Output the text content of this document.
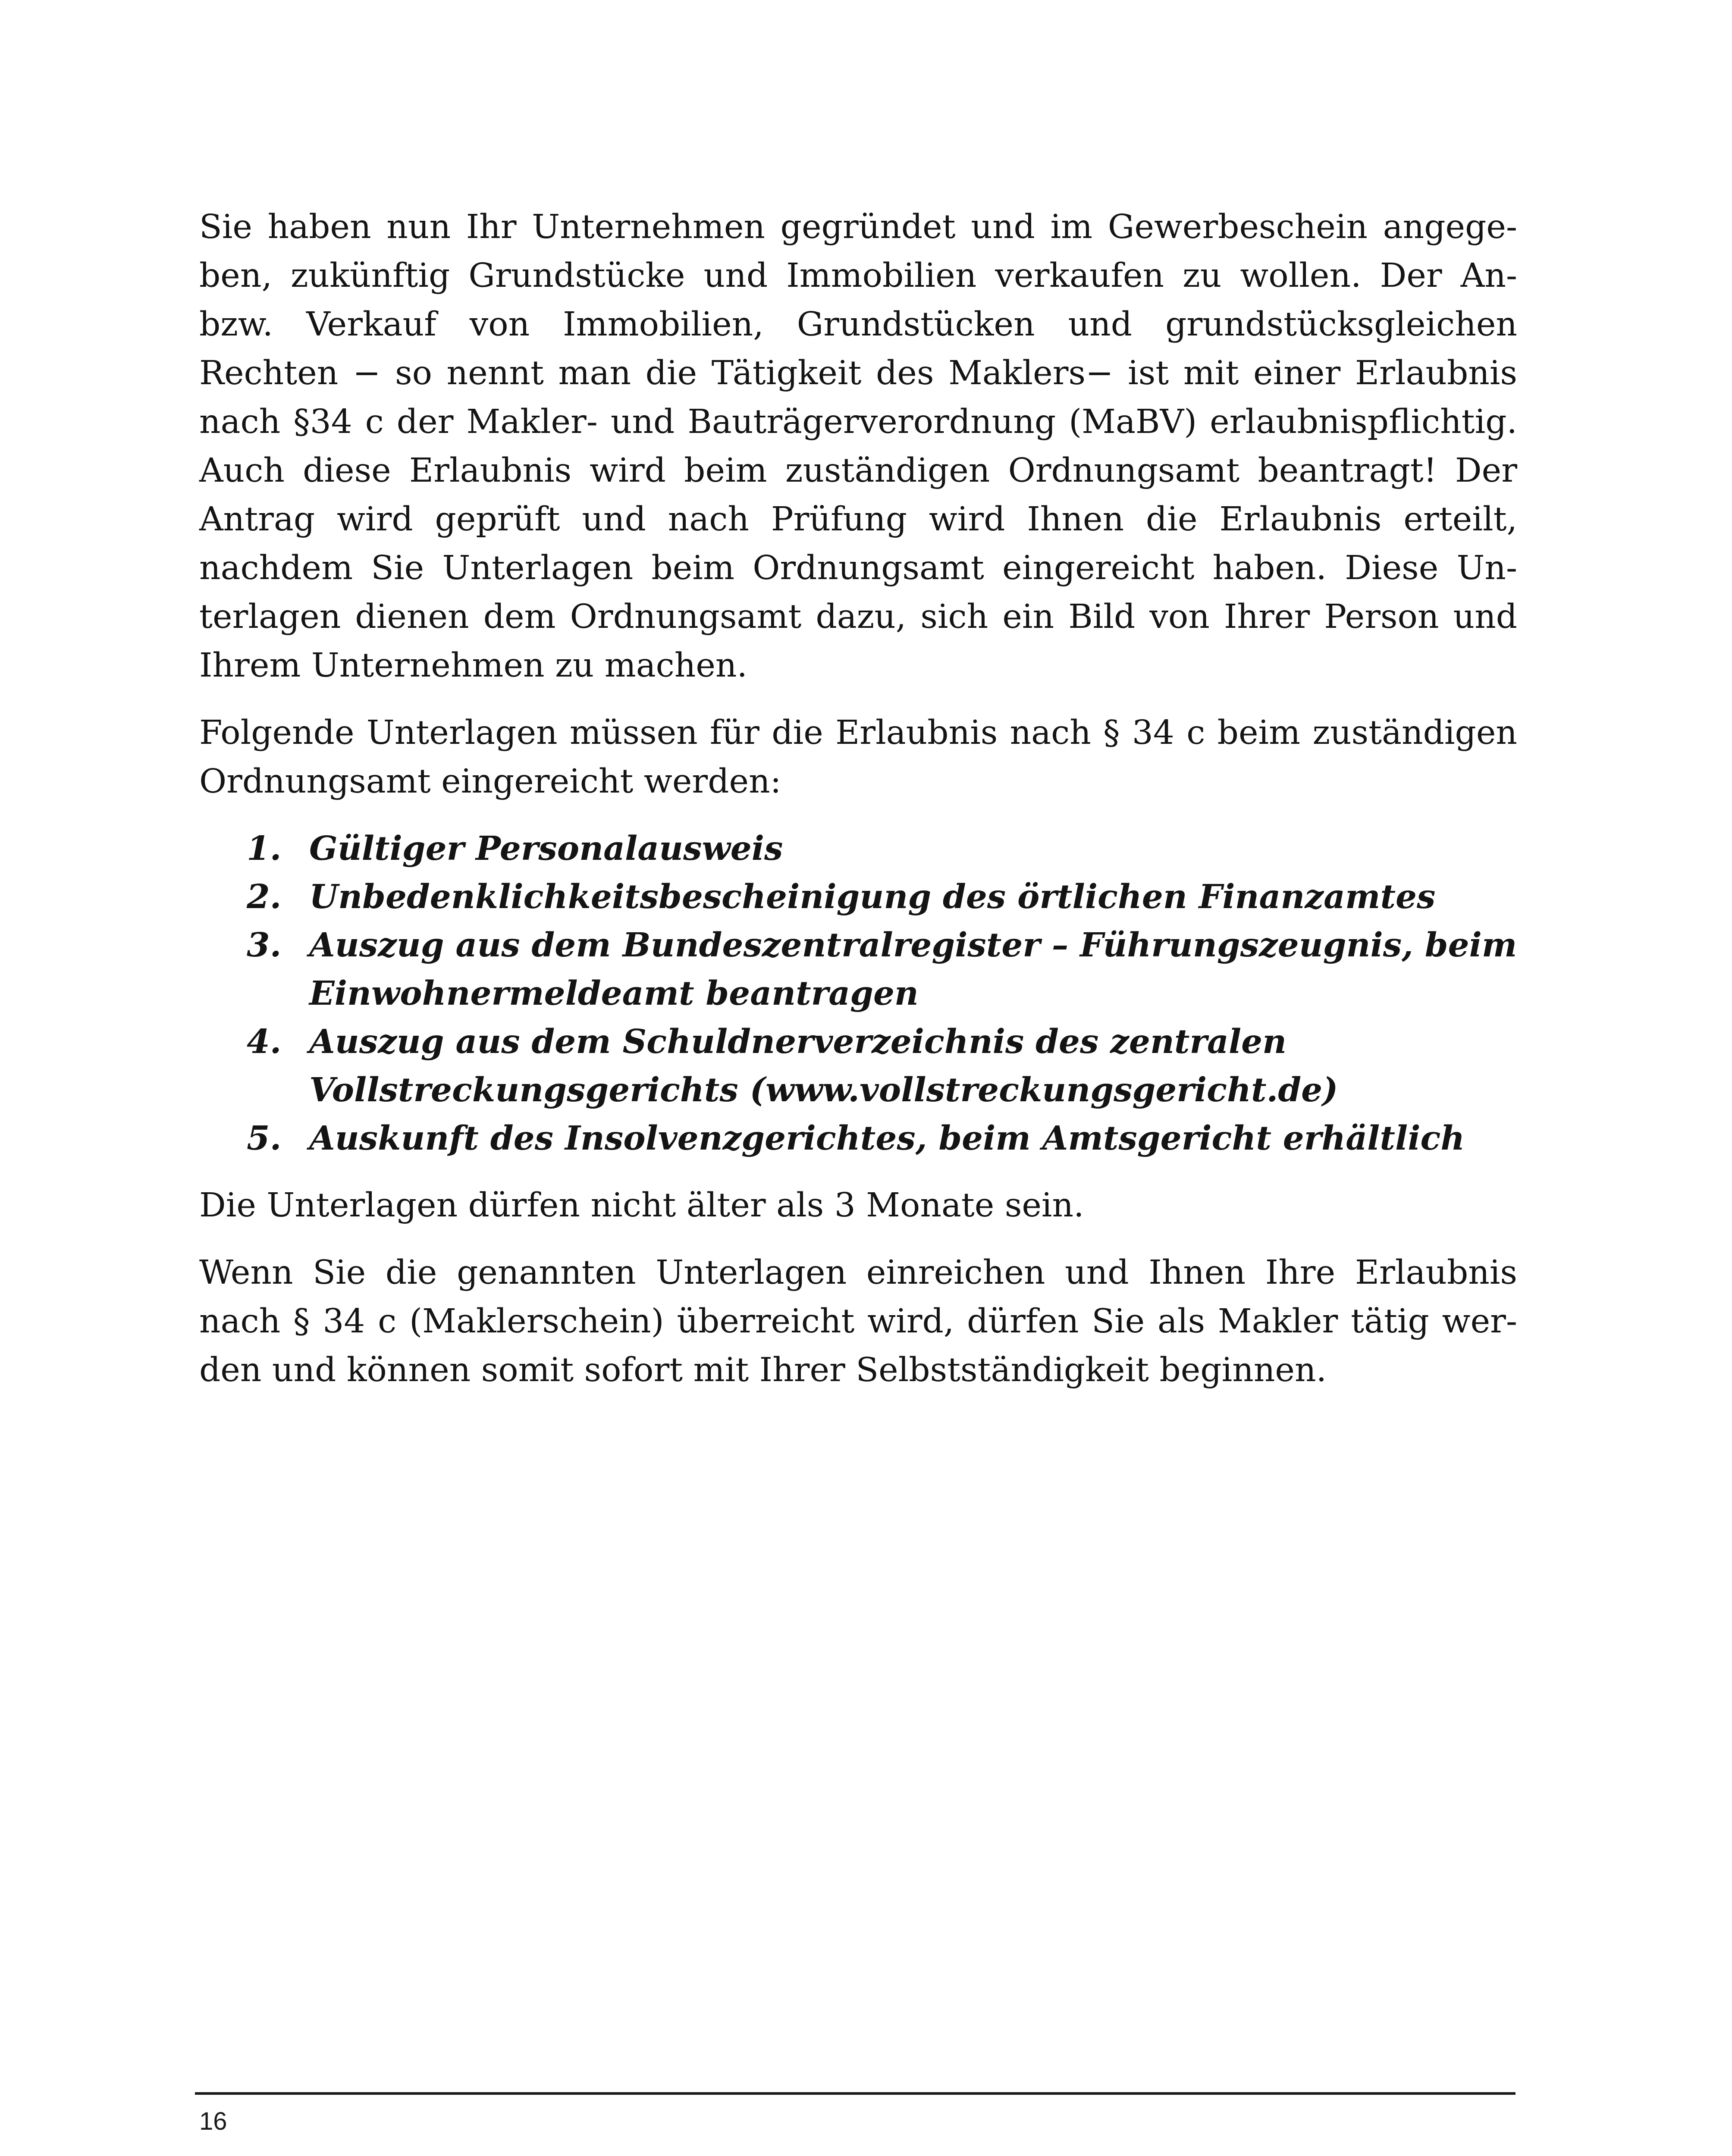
Sie haben nun Ihr Unternehmen gegründet und im Gewerbeschein angegeben, zukünftig Grundstücke und Immobilien verkaufen zu wollen. Der An- bzw. Verkauf von Immobilien, Grundstücken und grundstücksgleichen Rechten − so nennt man die Tätigkeit des Maklers− ist mit einer Erlaubnis nach §34 c der Makler- und Bauträgerverordnung (MaBV) erlaubnispflichtig. Auch diese Erlaubnis wird beim zuständigen Ordnungsamt beantragt! Der Antrag wird geprüft und nach Prüfung wird Ihnen die Erlaubnis erteilt, nachdem Sie Unterlagen beim Ordnungsamt eingereicht haben. Diese Unterlagen dienen dem Ordnungsamt dazu, sich ein Bild von Ihrer Person und Ihrem Unternehmen zu machen.

Folgende Unterlagen müssen für die Erlaubnis nach § 34 c beim zuständigen Ordnungsamt eingereicht werden:

1. Gültiger Personalausweis
2. Unbedenklichkeitsbescheinigung des örtlichen Finanzamtes
3. Auszug aus dem Bundeszentralregister – Führungszeugnis, beim Einwohnermeldeamt beantragen
4. Auszug aus dem Schuldnerverzeichnis des zentralen Vollstreckungsgerichts (www.vollstreckungsgericht.de)
5. Auskunft des Insolvenzgerichtes, beim Amtsgericht erhältlich

Die Unterlagen dürfen nicht älter als 3 Monate sein.

Wenn Sie die genannten Unterlagen einreichen und Ihnen Ihre Erlaubnis nach § 34 c (Maklerschein) überreicht wird, dürfen Sie als Makler tätig werden und können somit sofort mit Ihrer Selbstständigkeit beginnen.

16
